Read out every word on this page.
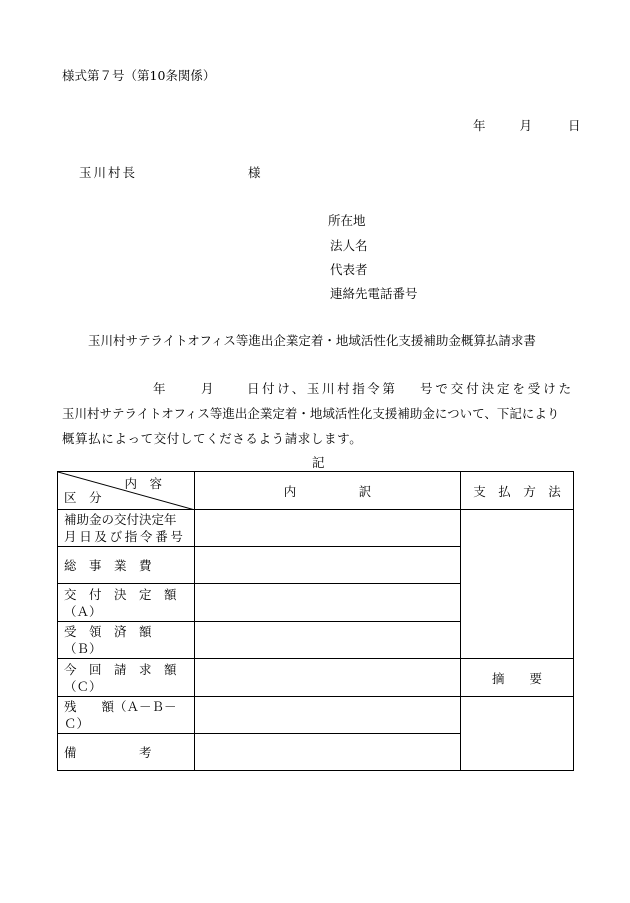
様式第７号（第10条関係）
年	月	日
玉川村長	様
所在地
法人名
代表者
連絡先電話番号
玉川村サテライトオフィス等進出企業定着・地域活性化支援補助金概算払請求書
年	月	日付け、玉川村指令第 号で交付決定を受けた
玉川村サテライトオフィス等進出企業定着・地域活性化支援補助金について、下記により
概算払によって交付してくださるよう請求します。
記
内　容
区　分	内　　　　　訳	支　払　方　法

補助金の交付決定年
月日及び指令番号		

総　事　業　費		

交　付　決　定　額
（Ａ）		

受　領　済　額
（Ｂ）		

今　回　請　求　額
（Ｃ）		摘　　要

残　　額（Ａ－Ｂ－
Ｃ）		

備　　　　　考		
